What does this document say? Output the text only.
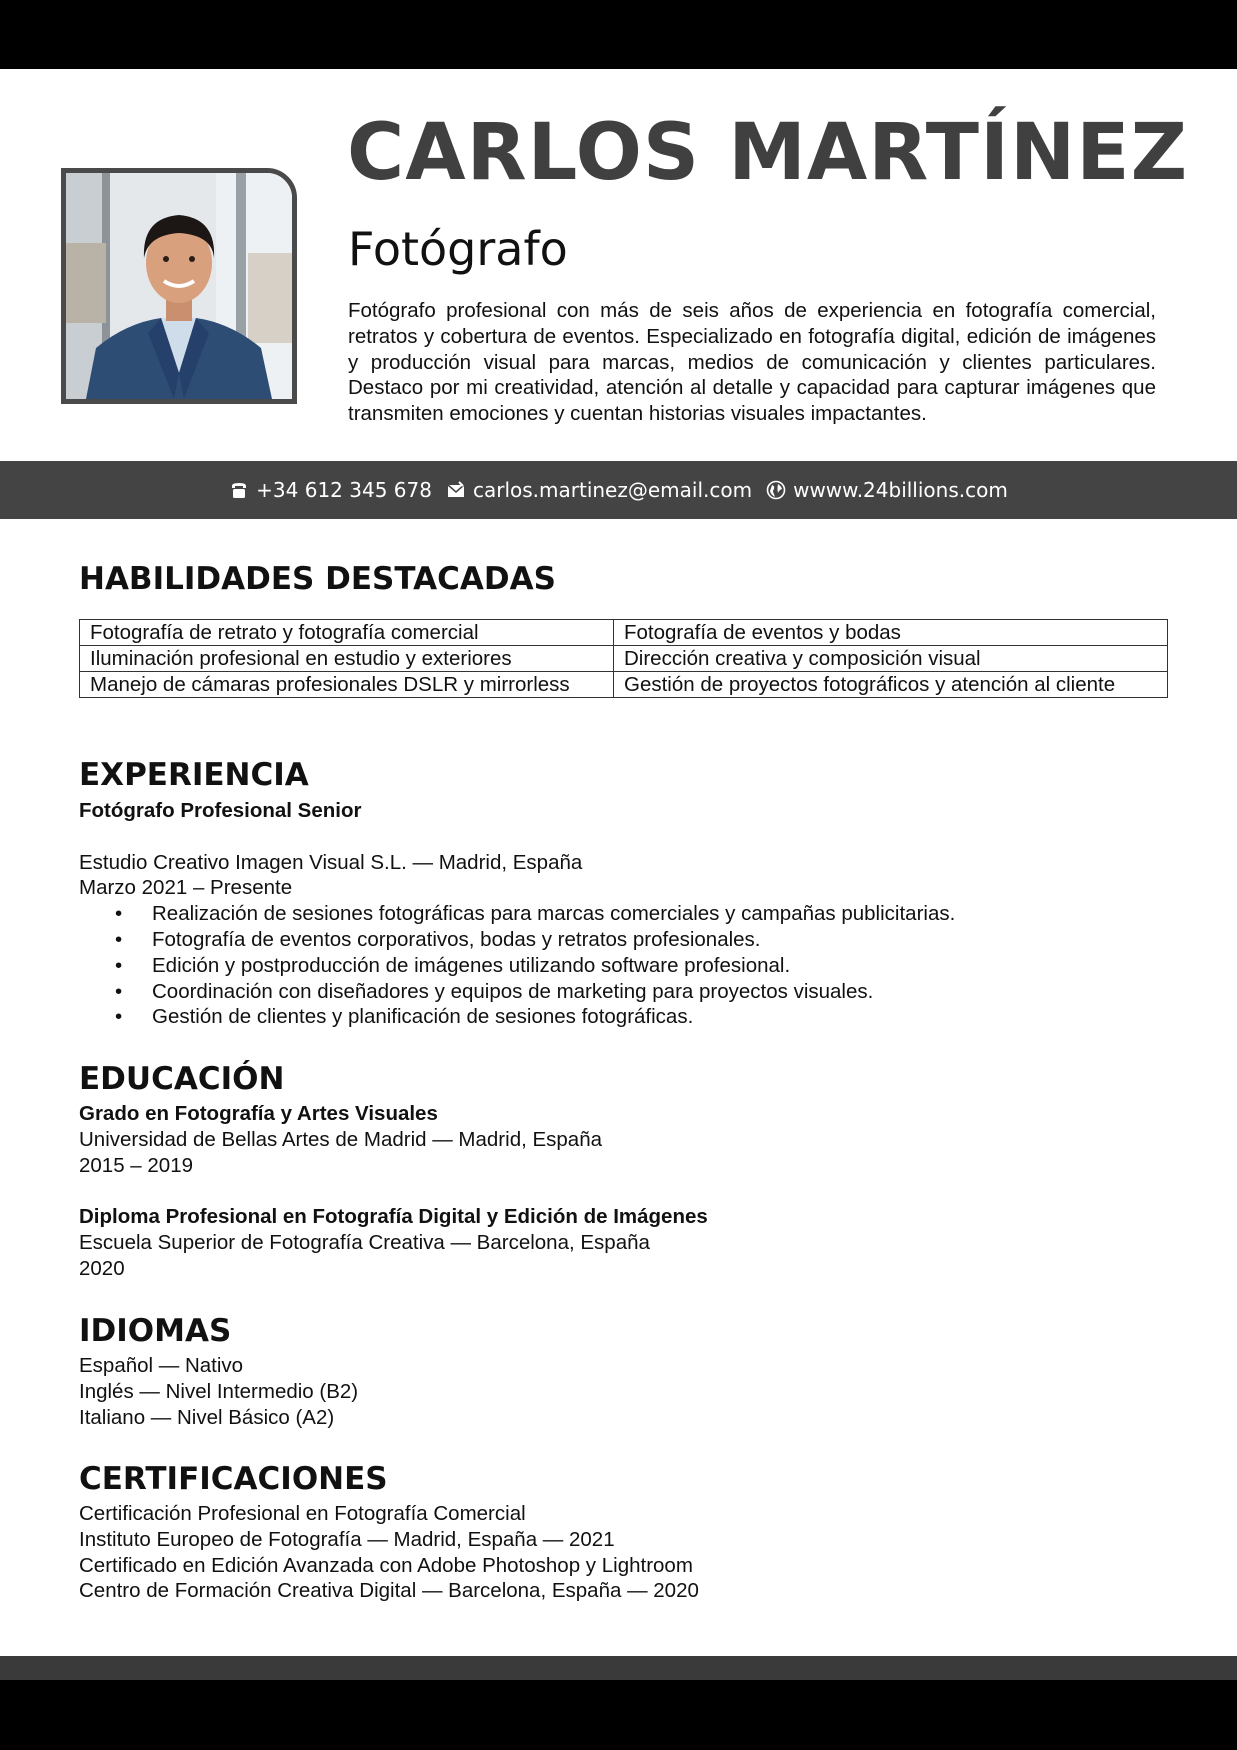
CARLOS MARTÍNEZ
Fotógrafo
Fotógrafo profesional con más de seis años de experiencia en fotografía comercial, retratos y cobertura de eventos. Especializado en fotografía digital, edición de imágenes y producción visual para marcas, medios de comunicación y clientes particulares. Destaco por mi creatividad, atención al detalle y capacidad para capturar imágenes que transmiten emociones y cuentan historias visuales impactantes.
+34 612 345 678 carlos.martinez@email.com wwww.24billions.com
HABILIDADES DESTACADAS
Fotografía de retrato y fotografía comercial	Fotografía de eventos y bodas
Iluminación profesional en estudio y exteriores	Dirección creativa y composición visual
Manejo de cámaras profesionales DSLR y mirrorless	Gestión de proyectos fotográficos y atención al cliente
EXPERIENCIA
Fotógrafo Profesional Senior
Estudio Creativo Imagen Visual S.L. — Madrid, España
Marzo 2021 – Presente
• Realización de sesiones fotográficas para marcas comerciales y campañas publicitarias.
• Fotografía de eventos corporativos, bodas y retratos profesionales.
• Edición y postproducción de imágenes utilizando software profesional.
• Coordinación con diseñadores y equipos de marketing para proyectos visuales.
• Gestión de clientes y planificación de sesiones fotográficas.
EDUCACIÓN
Grado en Fotografía y Artes Visuales
Universidad de Bellas Artes de Madrid — Madrid, España
2015 – 2019
Diploma Profesional en Fotografía Digital y Edición de Imágenes
Escuela Superior de Fotografía Creativa — Barcelona, España
2020
IDIOMAS
Español — Nativo
Inglés — Nivel Intermedio (B2)
Italiano — Nivel Básico (A2)
CERTIFICACIONES
Certificación Profesional en Fotografía Comercial
Instituto Europeo de Fotografía — Madrid, España — 2021
Certificado en Edición Avanzada con Adobe Photoshop y Lightroom
Centro de Formación Creativa Digital — Barcelona, España — 2020
